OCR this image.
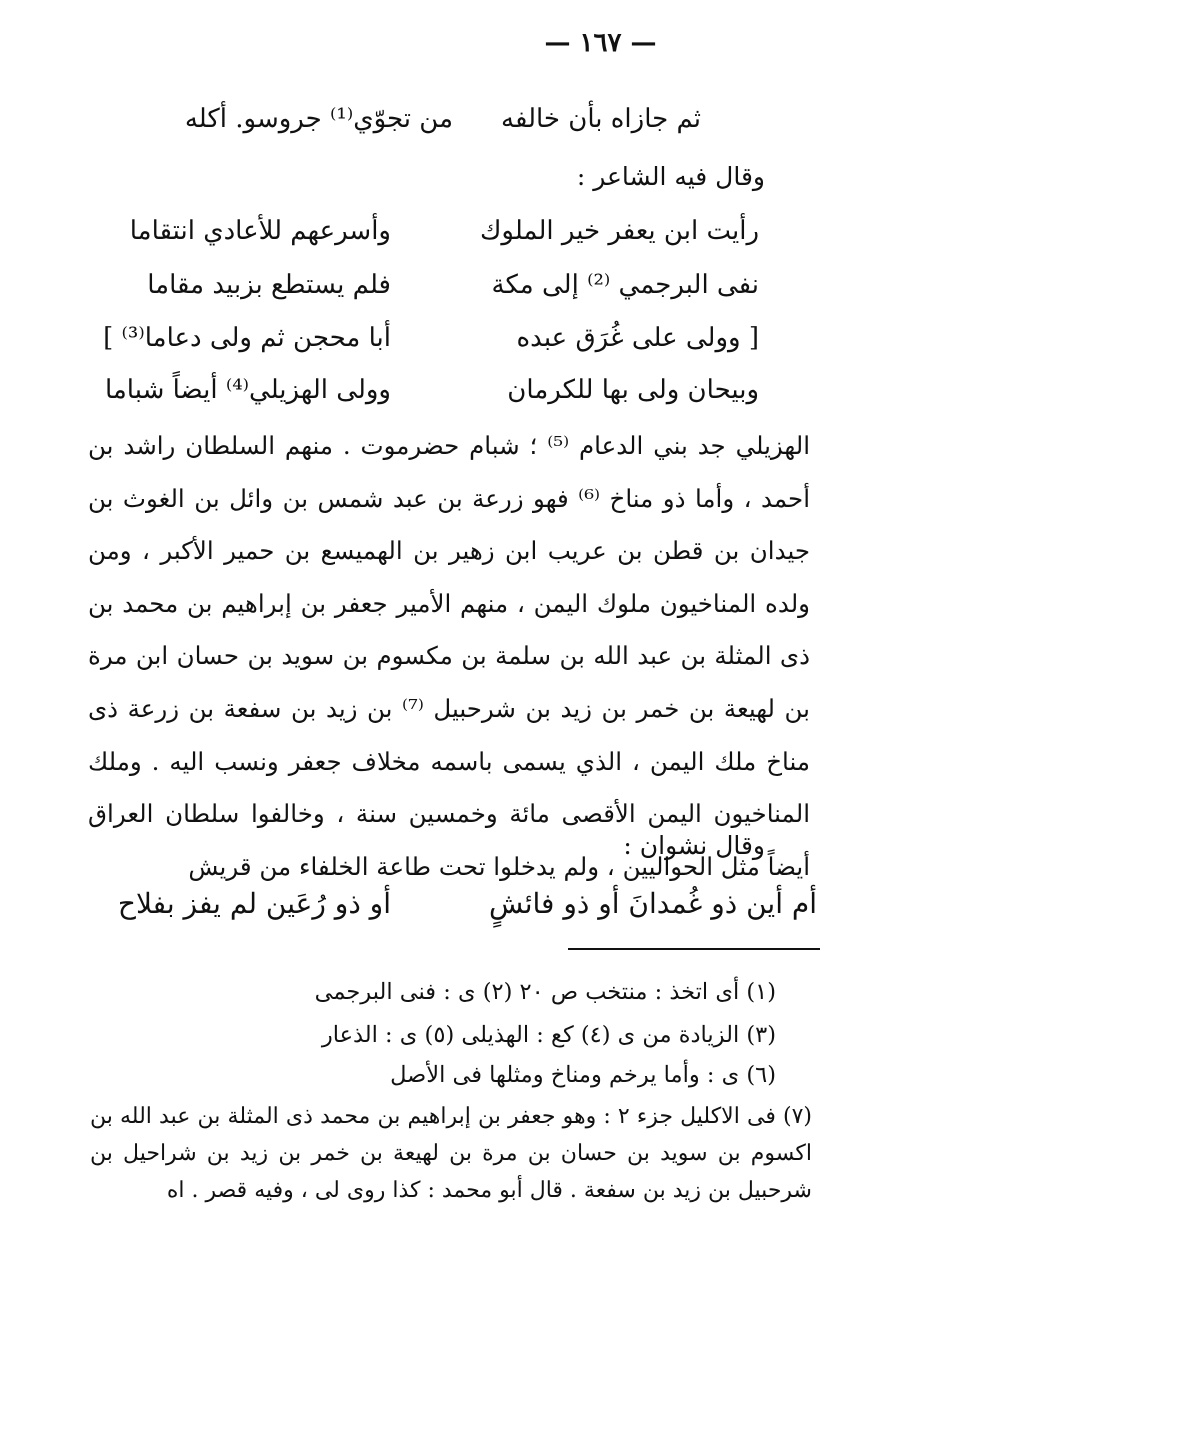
— ١٦٧ —
ثم جازاه بأن خالفه
من تجوّي⁽¹⁾ جروسو. أكله
وقال فيه الشاعر :
رأيت ابن يعفر خير الملوك
وأسرعهم للأعادي انتقاما
نفى البرجمي ⁽²⁾ إلى مكة
فلم يستطع بزبيد مقاما
[ وولى على غُرَق عبده
أبا محجن ثم ولى دعاما⁽³⁾ ]
وبيحان ولى بها للكرمان
وولى الهزيلي⁽⁴⁾ أيضاً شباما
الهزيلي جد بني الدعام ⁽⁵⁾ ؛ شبام حضرموت . منهم السلطان راشد بن أحمد ، وأما ذو مناخ ⁽⁶⁾ فهو زرعة بن عبد شمس بن وائل بن الغوث بن جيدان بن قطن بن عريب ابن زهير بن الهميسع بن حمير الأكبر ، ومن ولده المناخيون ملوك اليمن ، منهم الأمير جعفر بن إبراهيم بن محمد بن ذى المثلة بن عبد الله بن سلمة بن مكسوم بن سويد بن حسان ابن مرة بن لهيعة بن خمر بن زيد بن شرحبيل ⁽⁷⁾ بن زيد بن سفعة بن زرعة ذى مناخ ملك اليمن ، الذي يسمى باسمه مخلاف جعفر ونسب اليه . وملك المناخيون اليمن الأقصى مائة وخمسين سنة ، وخالفوا سلطان العراق أيضاً مثل الحواليين ، ولم يدخلوا تحت طاعة الخلفاء من قريش
وقال نشوان :
أم أين ذو غُمدانَ أو ذو فائشٍ
أو ذو رُعَين لم يفز بفلاح
(١) أى اتخذ : منتخب ص ٢٠ (٢) ى : فنى البرجمى
(٣) الزيادة من ى (٤) كع : الهذيلى (٥) ى : الذعار
(٦) ى : وأما يرخم ومناخ ومثلها فى الأصل
(٧) فى الاكليل جزء ٢ : وهو جعفر بن إبراهيم بن محمد ذى المثلة بن عبد الله بن اكسوم بن سويد بن حسان بن مرة بن لهيعة بن خمر بن زيد بن شراحيل بن شرحبيل بن زيد بن سفعة . قال أبو محمد : كذا روى لى ، وفيه قصر . اه
